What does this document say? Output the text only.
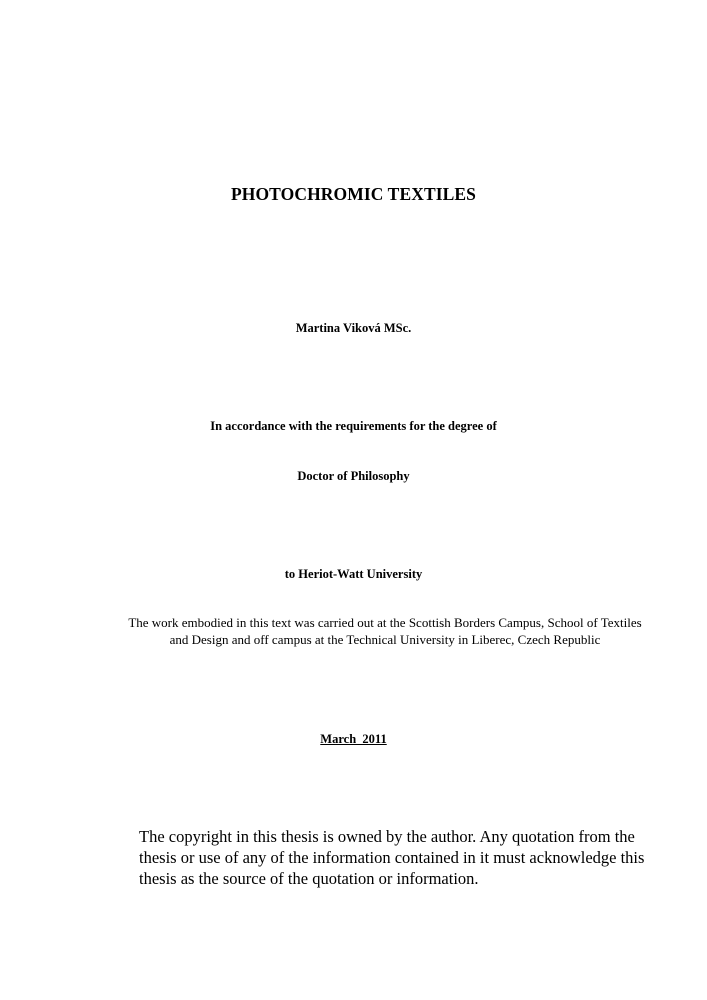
PHOTOCHROMIC TEXTILES

Martina Viková MSc.

In accordance with the requirements for the degree of

Doctor of Philosophy

to Heriot-Watt University

The work embodied in this text was carried out at the Scottish Borders Campus, School of Textiles and Design and off campus at the Technical University in Liberec, Czech Republic

March  2011

The copyright in this thesis is owned by the author. Any quotation from the thesis or use of any of the information contained in it must acknowledge this thesis as the source of the quotation or information.
